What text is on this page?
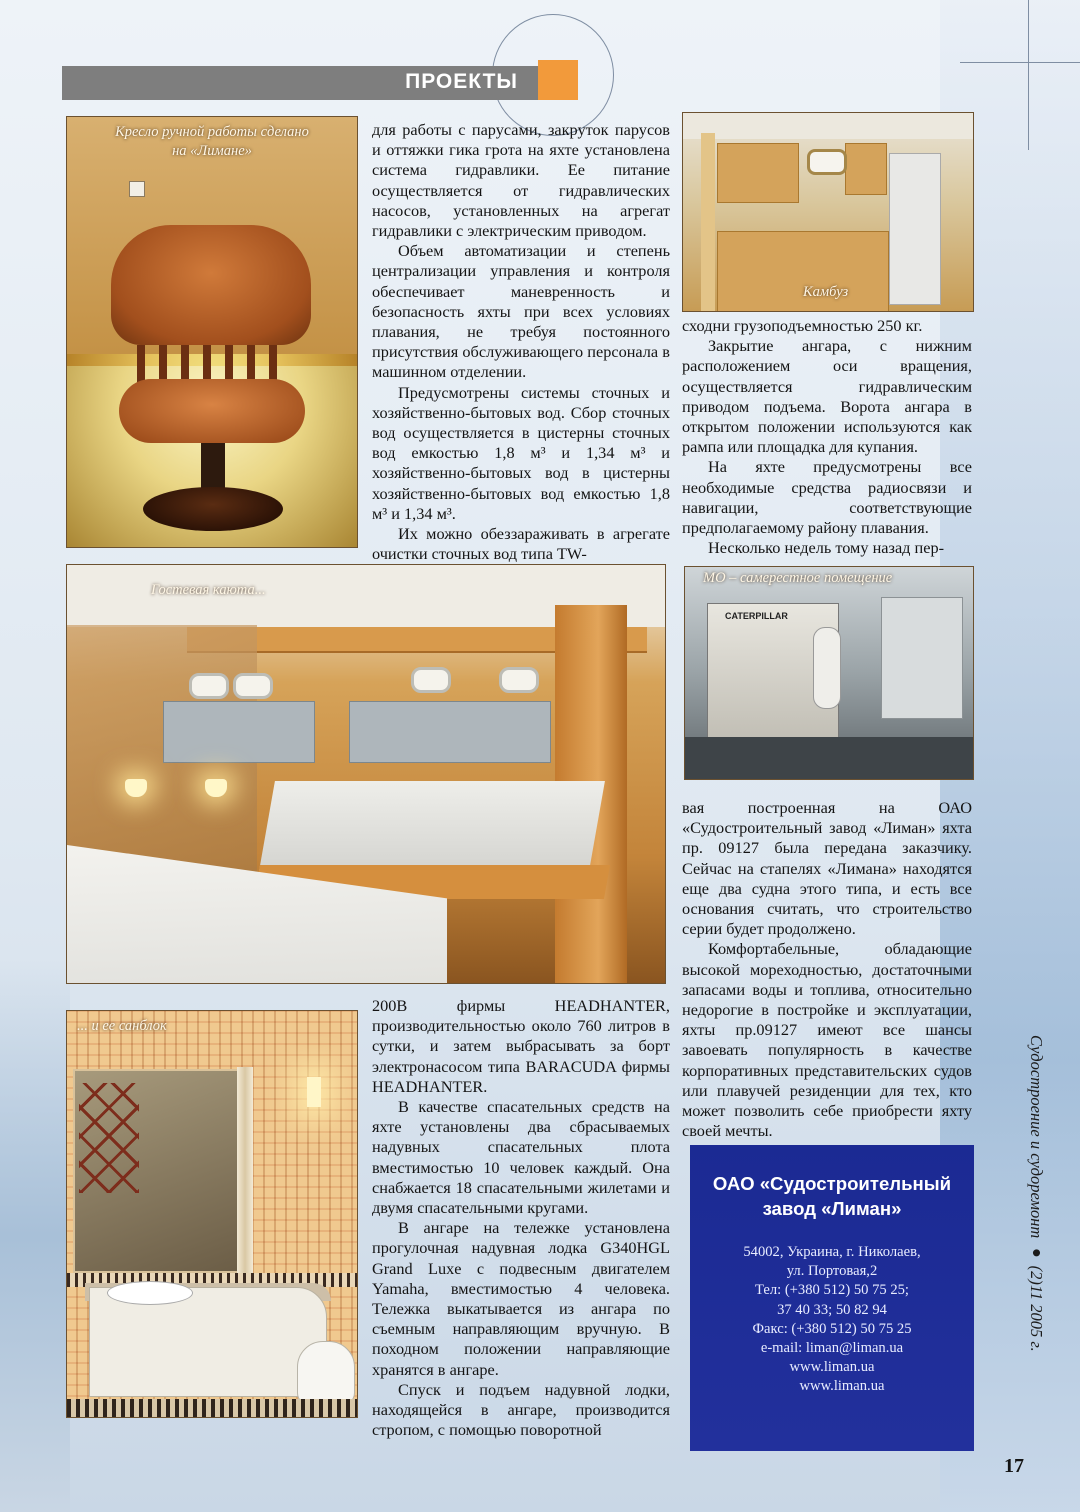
ПРОЕКТЫ
Кресло ручной работы сделано
на «Лимане»
Камбуз
Гостевая каюта...
CATERPILLAR
МО – самерестное помещение
... и ее санблок

для работы с парусами, закруток парусов и оттяжки гика грота на яхте установлена система гидравлики. Ее питание осуществляется от гидравлических насосов, установленных на агрегат гидравлики с электрическим приводом.

Объем автоматизации и степень централизации управления и контроля обеспечивает маневренность и безопасность яхты при всех условиях плавания, не требуя постоянного присутствия обслуживающего персонала в машинном отделении.

Предусмотрены системы сточных и хозяйственно-бытовых вод. Сбор сточных вод осуществляется в цистерны сточных вод емкостью 1,8 м³ и 1,34 м³ и хозяйственно-бытовых вод в цистерны хозяйственно-бытовых вод емкостью 1,8 м³ и 1,34 м³.

Их можно обеззараживать в агрегате очистки сточных вод типа TW-

сходни грузоподъемностью 250 кг.

Закрытие ангара, с нижним расположением оси вращения, осуществляется гидравлическим приводом подъема. Ворота ангара в открытом положении используются как рампа или площадка для купания.

На яхте предусмотрены все необходимые средства радиосвязи и навигации, соответствующие предполагаемому району плавания.

Несколько недель тому назад пер-

вая построенная на ОАО «Судостроительный завод «Лиман» яхта пр. 09127 была передана заказчику. Сейчас на стапелях «Лимана» находятся еще два судна этого типа, и есть все основания считать, что строительство серии будет продолжено.

Комфортабельные, обладающие высокой мореходностью, достаточными запасами воды и топлива, относительно недорогие в постройке и эксплуатации, яхты пр.09127 имеют все шансы завоевать популярность в качестве корпоративных представительских судов или плавучей резиденции для тех, кто может позволить себе приобрести яхту своей мечты.

200В фирмы HEADHANTER, производительностью около 760 литров в сутки, и затем выбрасывать за борт электронасосом типа BARACUDA фирмы HEADHANTER.

В качестве спасательных средств на яхте установлены два сбрасываемых надувных спасательных плота вместимостью 10 человек каждый. Она снабжается 18 спасательными жилетами и двумя спасательными кругами.

В ангаре на тележке установлена прогулочная надувная лодка G340HGL Grand Luxe с подвесным двигателем Yamaha, вместимостью 4 человека. Тележка выкатывается из ангара по съемным направляющим вручную. В походном положении направляющие хранятся в ангаре.

Спуск и подъем надувной лодки, находящейся в ангаре, производится стропом, с помощью поворотной

ОАО «Судостроительный
завод «Лиман»
54002, Украина, г. Николаев,
ул. Портовая,2
Тел: (+380 512) 50 75 25;
37 40 33; 50 82 94
Факс: (+380 512) 50 75 25
e-mail: liman@liman.ua
www.liman.ua
www.liman.ua
Судостроение и судоремонт ● (2)11 2005 г.
17
